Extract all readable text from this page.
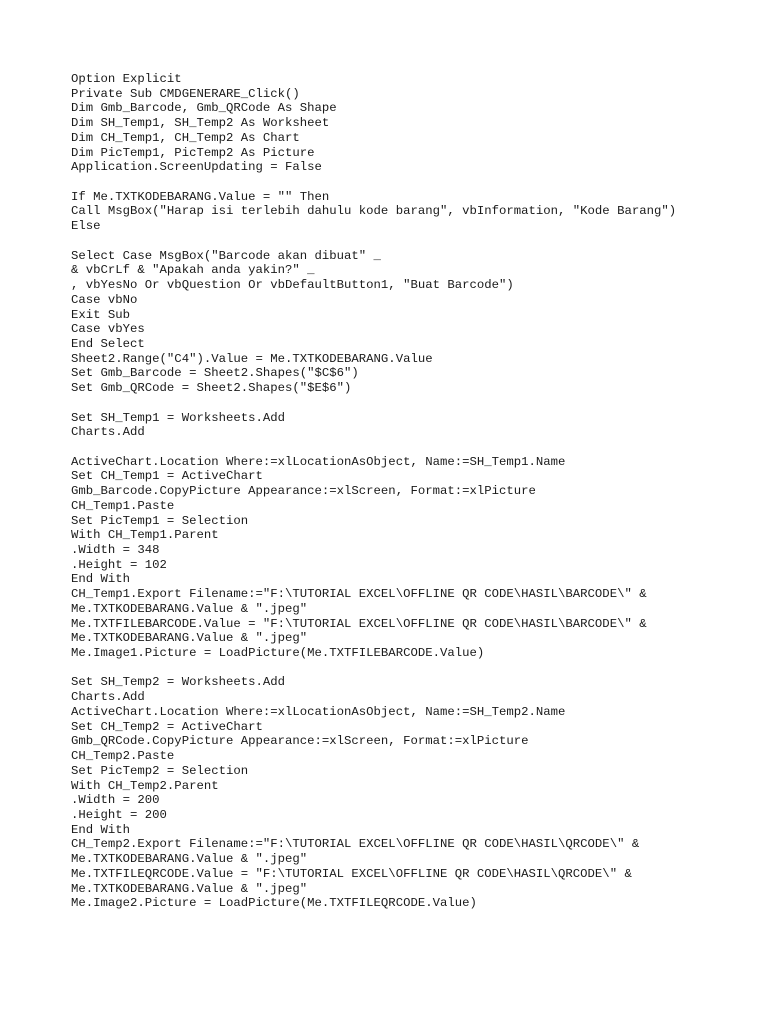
Option Explicit
Private Sub CMDGENERARE_Click()
Dim Gmb_Barcode, Gmb_QRCode As Shape
Dim SH_Temp1, SH_Temp2 As Worksheet
Dim CH_Temp1, CH_Temp2 As Chart
Dim PicTemp1, PicTemp2 As Picture
Application.ScreenUpdating = False
If Me.TXTKODEBARANG.Value = "" Then
Call MsgBox("Harap isi terlebih dahulu kode barang", vbInformation, "Kode Barang")
Else
Select Case MsgBox("Barcode akan dibuat" _
& vbCrLf & "Apakah anda yakin?" _
, vbYesNo Or vbQuestion Or vbDefaultButton1, "Buat Barcode")
Case vbNo
Exit Sub
Case vbYes
End Select
Sheet2.Range("C4").Value = Me.TXTKODEBARANG.Value
Set Gmb_Barcode = Sheet2.Shapes("$C$6")
Set Gmb_QRCode = Sheet2.Shapes("$E$6")
Set SH_Temp1 = Worksheets.Add
Charts.Add
ActiveChart.Location Where:=xlLocationAsObject, Name:=SH_Temp1.Name
Set CH_Temp1 = ActiveChart
Gmb_Barcode.CopyPicture Appearance:=xlScreen, Format:=xlPicture
CH_Temp1.Paste
Set PicTemp1 = Selection
With CH_Temp1.Parent
.Width = 348
.Height = 102
End With
CH_Temp1.Export Filename:="F:\TUTORIAL EXCEL\OFFLINE QR CODE\HASIL\BARCODE\" &
Me.TXTKODEBARANG.Value & ".jpeg"
Me.TXTFILEBARCODE.Value = "F:\TUTORIAL EXCEL\OFFLINE QR CODE\HASIL\BARCODE\" &
Me.TXTKODEBARANG.Value & ".jpeg"
Me.Image1.Picture = LoadPicture(Me.TXTFILEBARCODE.Value)
Set SH_Temp2 = Worksheets.Add
Charts.Add
ActiveChart.Location Where:=xlLocationAsObject, Name:=SH_Temp2.Name
Set CH_Temp2 = ActiveChart
Gmb_QRCode.CopyPicture Appearance:=xlScreen, Format:=xlPicture
CH_Temp2.Paste
Set PicTemp2 = Selection
With CH_Temp2.Parent
.Width = 200
.Height = 200
End With
CH_Temp2.Export Filename:="F:\TUTORIAL EXCEL\OFFLINE QR CODE\HASIL\QRCODE\" &
Me.TXTKODEBARANG.Value & ".jpeg"
Me.TXTFILEQRCODE.Value = "F:\TUTORIAL EXCEL\OFFLINE QR CODE\HASIL\QRCODE\" &
Me.TXTKODEBARANG.Value & ".jpeg"
Me.Image2.Picture = LoadPicture(Me.TXTFILEQRCODE.Value)
